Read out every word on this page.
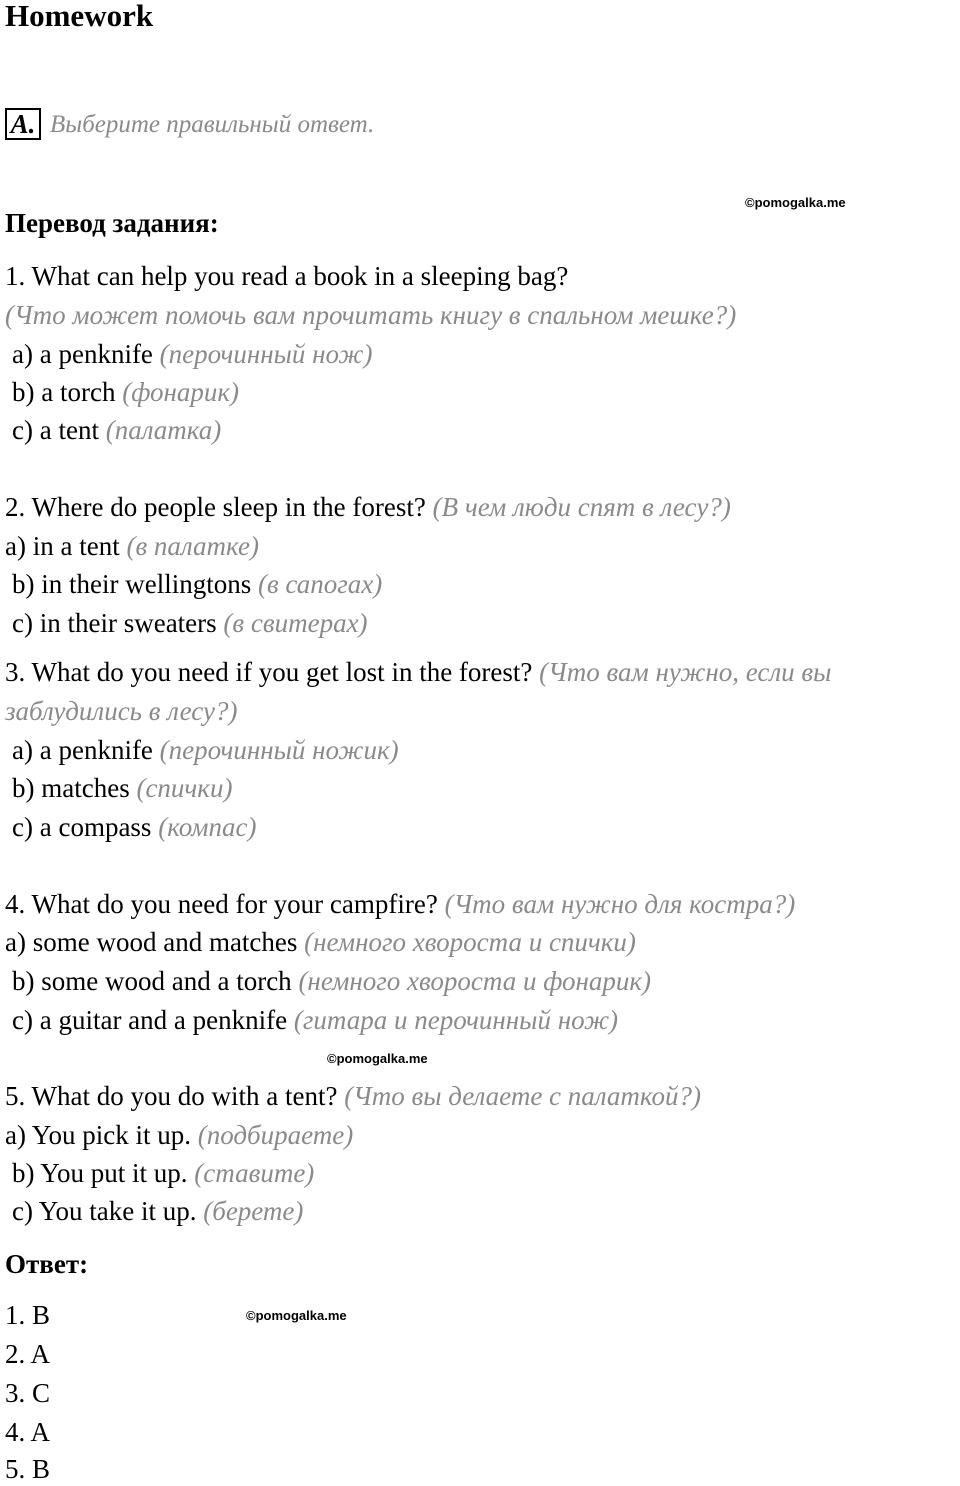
Homework
A. Выберите правильный ответ.
©pomogalka.me
Перевод задания:
1. What can help you read a book in a sleeping bag?
(Что может помочь вам прочитать книгу в спальном мешке?)
a) a penknife (перочинный нож)
b) a torch (фонарик)
c) a tent (палатка)
2. Where do people sleep in the forest? (В чем люди спят в лесу?)
a) in a tent (в палатке)
b) in their wellingtons (в сапогах)
c) in their sweaters (в свитерах)
3. What do you need if you get lost in the forest? (Что вам нужно, если вы
заблудились в лесу?)
a) a penknife (перочинный ножик)
b) matches (спички)
c) a compass (компас)
4. What do you need for your campfire? (Что вам нужно для костра?)
a) some wood and matches (немного хвороста и спички)
b) some wood and a torch (немного хвороста и фонарик)
c) a guitar and a penknife (гитара и перочинный нож)
©pomogalka.me
5. What do you do with a tent? (Что вы делаете с палаткой?)
a) You pick it up. (подбираете)
b) You put it up. (ставите)
c) You take it up. (берете)
Ответ:
1. B	©pomogalka.me
2. A
3. C
4. A
5. B
